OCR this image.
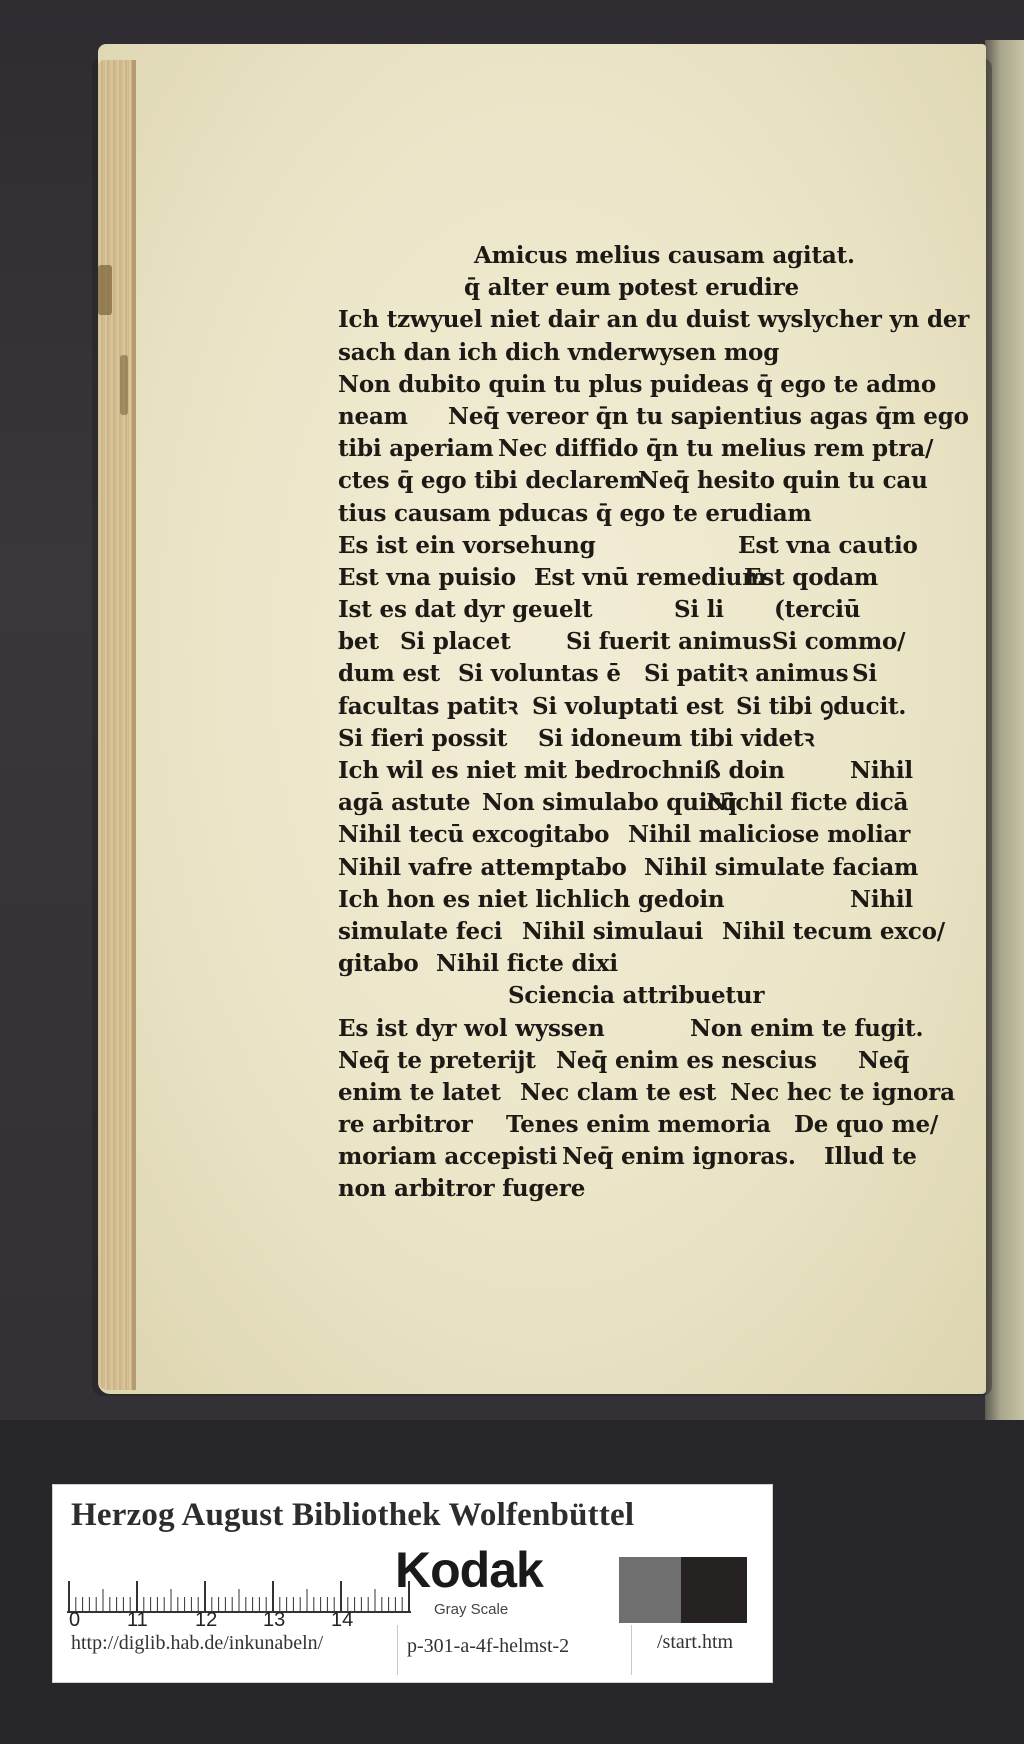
Amicus melius causam agitat.
q̄ alter eum potest erudire
Ich tzwyuel niet dair an du duist wyslycher yn der
sach dan ich dich vnderwysen mog
Non dubito quin tu plus puideas q̄ ego te admo
neam Neq̄ vereor q̄n tu sapientius agas q̄m ego
tibi aperiam Nec diffido q̄n tu melius rem ptra/
ctes q̄ ego tibi declarem
Neq̄ hesito quin tu cau
tius causam pducas q̄ ego te erudiam
Es ist ein vorsehung	Est vna cautio
Est vna puisio Est vnū remedium
Est qodam
Ist es dat dyr geuelt	Si li (terciū
bet Si placet Si fuerit animus Si commo/
dum est Si voluntas ē Si patitꝛ animus Si
facultas patitꝛ Si voluptati est Si tibi ꝯducit.
Si fieri possit Si idoneum tibi videtꝛ
Ich wil es niet mit bedrochniß doin	Nihil
agā astute Non simulabo quicq̄
Nichil ficte dicā
Nihil tecū excogitabo Nihil maliciose moliar
Nihil vafre attemptabo Nihil simulate faciam
Ich hon es niet lichlich gedoin	Nihil
simulate feci Nihil simulaui Nihil tecum exco/
gitabo Nihil ficte dixi
Sciencia attribuetur
Es ist dyr wol wyssen	Non enim te fugit.
Neq̄ te preterijt Neq̄ enim es nescius Neq̄
enim te latet Nec clam te est Nec hec te ignora
re arbitror Tenes enim memoria De quo me/
moriam accepisti Neq̄ enim ignoras. Illud te
non arbitror fugere
Herzog August Bibliothek Wolfenbüttel
0 11 12 13 14
Kodak
Gray Scale
http://diglib.hab.de/inkunabeln/	p-301-a-4f-helmst-2	/start.htm
